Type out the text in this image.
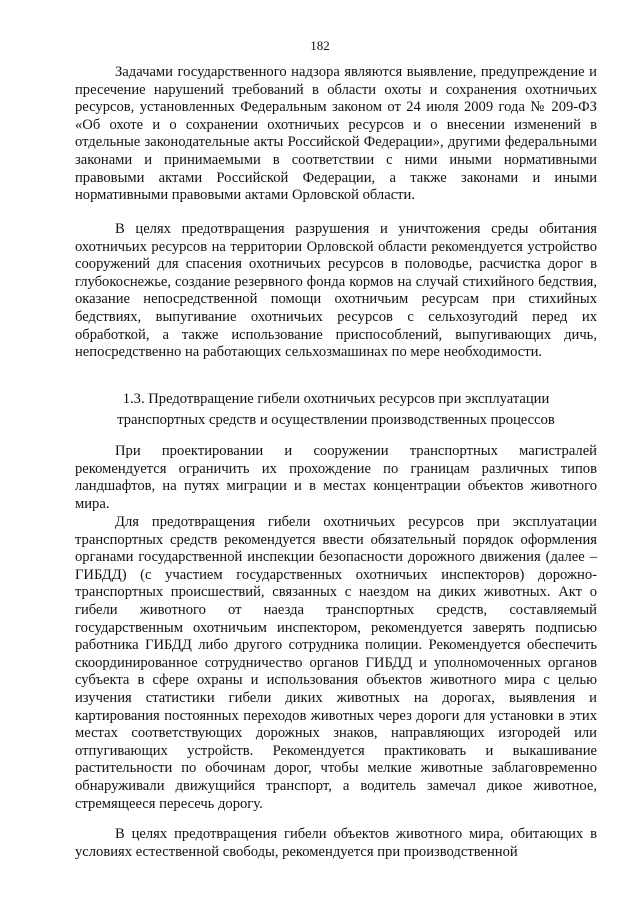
182

Задачами государственного надзора являются выявление, предупреждение и пресечение нарушений требований в области охоты и сохранения охотничьих ресурсов, установленных Федеральным законом от 24 июля 2009 года № 209-ФЗ «Об охоте и о сохранении охотничьих ресурсов и о внесении изменений в отдельные законодательные акты Российской Федерации», другими федеральными законами и принимаемыми в соответствии с ними иными нормативными правовыми актами Российской Федерации, а также законами и иными нормативными правовыми актами Орловской области.

В целях предотвращения разрушения и уничтожения среды обитания охотничьих ресурсов на территории Орловской области рекомендуется устройство сооружений для спасения охотничьих ресурсов в половодье, расчистка дорог в глубокоснежье, создание резервного фонда кормов на случай стихийного бедствия, оказание непосредственной помощи охотничьим ресурсам при стихийных бедствиях, выпугивание охотничьих ресурсов с сельхозугодий перед их обработкой, а также использование приспособлений, выпугивающих дичь, непосредственно на работающих сельхозмашинах по мере необходимости.

1.3. Предотвращение гибели охотничьих ресурсов при эксплуатации
транспортных средств и осуществлении производственных процессов

При проектировании и сооружении транспортных магистралей рекомендуется ограничить их прохождение по границам различных типов ландшафтов, на путях миграции и в местах концентрации объектов животного мира.

Для предотвращения гибели охотничьих ресурсов при эксплуатации транспортных средств рекомендуется ввести обязательный порядок оформления органами государственной инспекции безопасности дорожного движения (далее – ГИБДД) (с участием государственных охотничьих инспекторов) дорожно-транспортных происшествий, связанных с наездом на диких животных. Акт о гибели животного от наезда транспортных средств, составляемый государственным охотничьим инспектором, рекомендуется заверять подписью работника ГИБДД либо другого сотрудника полиции. Рекомендуется обеспечить скоординированное сотрудничество органов ГИБДД и уполномоченных органов субъекта в сфере охраны и использования объектов животного мира с целью изучения статистики гибели диких животных на дорогах, выявления и картирования постоянных переходов животных через дороги для установки в этих местах соответствующих дорожных знаков, направляющих изгородей или отпугивающих устройств. Рекомендуется практиковать и выкашивание растительности по обочинам дорог, чтобы мелкие животные заблаговременно обнаруживали движущийся транспорт, а водитель замечал дикое животное, стремящееся пересечь дорогу.

В целях предотвращения гибели объектов животного мира, обитающих в условиях естественной свободы, рекомендуется при производственной
